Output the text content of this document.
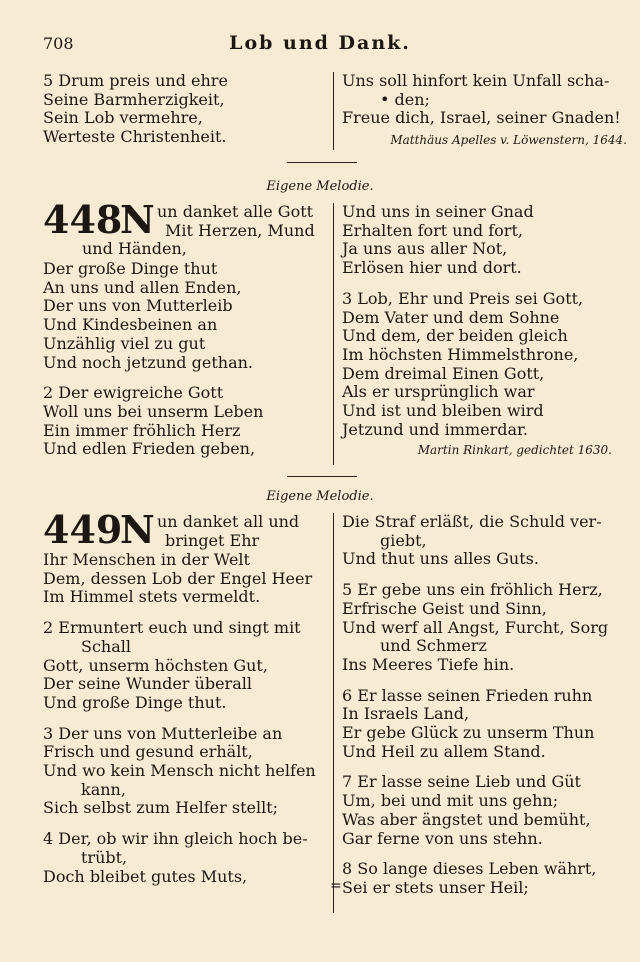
708	Lob und Dank.

5 Drum preis und ehre

Seine Barmherzigkeit,

Sein Lob vermehre,

Werteste Christenheit.

Uns soll hinfort kein Unfall scha-

• den;

Freue dich, Israel, seiner Gnaden!

Matthäus Apelles v. Löwenstern, 1644.

Eigene Melodie.
448
N un danket alle Gott

Mit Herzen, Mund

und Händen,

Der große Dinge thut

An uns und allen Enden,

Der uns von Mutterleib

Und Kindesbeinen an

Unzählig viel zu gut

Und noch jetzund gethan.

2 Der ewigreiche Gott

Woll uns bei unserm Leben

Ein immer fröhlich Herz

Und edlen Frieden geben,

Und uns in seiner Gnad

Erhalten fort und fort,

Ja uns aus aller Not,

Erlösen hier und dort.

3 Lob, Ehr und Preis sei Gott,

Dem Vater und dem Sohne

Und dem, der beiden gleich

Im höchsten Himmelsthrone,

Dem dreimal Einen Gott,

Als er ursprünglich war

Und ist und bleiben wird

Jetzund und immerdar.

Martin Rinkart, gedichtet 1630.

Eigene Melodie.
449
N un danket all und

bringet Ehr

Ihr Menschen in der Welt

Dem, dessen Lob der Engel Heer

Im Himmel stets vermeldt.

2 Ermuntert euch und singt mit

Schall

Gott, unserm höchsten Gut,

Der seine Wunder überall

Und große Dinge thut.

3 Der uns von Mutterleibe an

Frisch und gesund erhält,

Und wo kein Mensch nicht helfen

kann,

Sich selbst zum Helfer stellt;

4 Der, ob wir ihn gleich hoch be-

trübt,

Doch bleibet gutes Muts,

=

Die Straf erläßt, die Schuld ver-

giebt,

Und thut uns alles Guts.

5 Er gebe uns ein fröhlich Herz,

Erfrische Geist und Sinn,

Und werf all Angst, Furcht, Sorg

und Schmerz

Ins Meeres Tiefe hin.

6 Er lasse seinen Frieden ruhn

In Israels Land,

Er gebe Glück zu unserm Thun

Und Heil zu allem Stand.

7 Er lasse seine Lieb und Güt

Um, bei und mit uns gehn;

Was aber ängstet und bemüht,

Gar ferne von uns stehn.

8 So lange dieses Leben währt,

Sei er stets unser Heil;
